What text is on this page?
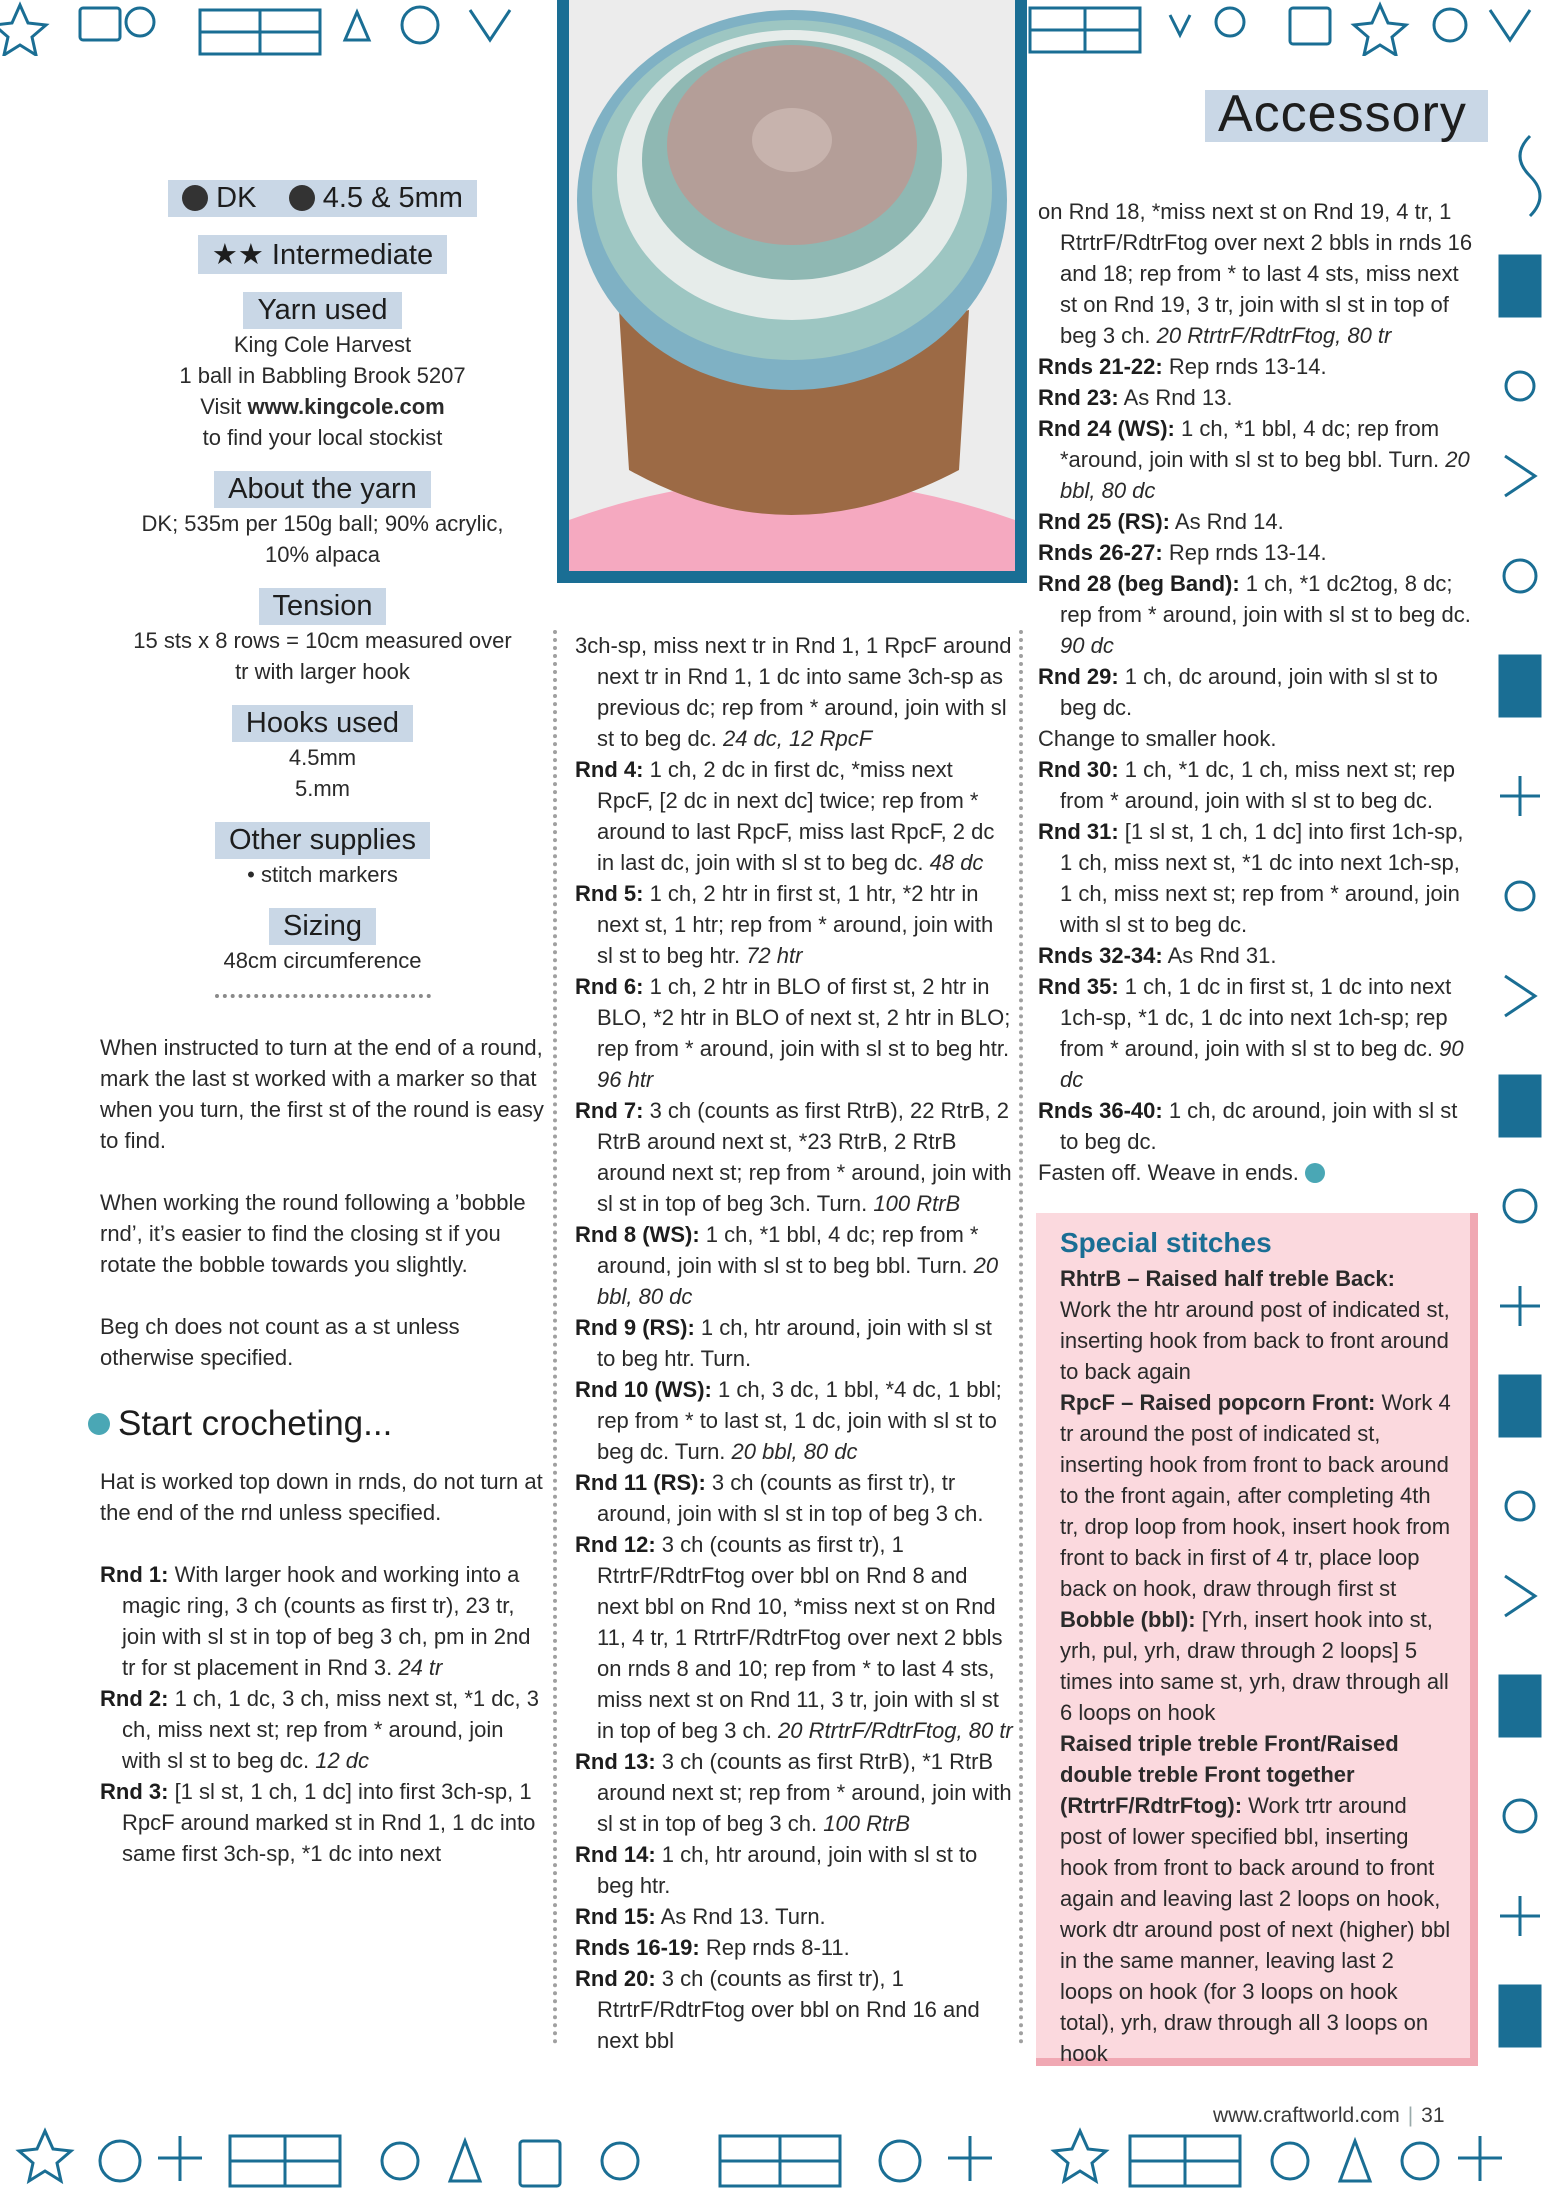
Accessory
DK 4.5 & 5mm
★★ Intermediate
Yarn used
King Cole Harvest
1 ball in Babbling Brook 5207
Visit www.kingcole.com
to find your local stockist
About the yarn
DK; 535m per 150g ball; 90% acrylic,
10% alpaca
Tension
15 sts x 8 rows = 10cm measured over
tr with larger hook
Hooks used
4.5mm
5.mm
Other supplies
• stitch markers
Sizing
48cm circumference
When instructed to turn at the end of a round, mark the last st worked with a marker so that when you turn, the first st of the round is easy to find.
When working the round following a ’bobble rnd’, it’s easier to find the closing st if you rotate the bobble towards you slightly.
Beg ch does not count as a st unless otherwise specified.
Start crocheting...
Hat is worked top down in rnds, do not turn at the end of the rnd unless specified.

Rnd 1: With larger hook and working into a magic ring, 3 ch (counts as first tr), 23 tr, join with sl st in top of beg 3 ch, pm in 2nd tr for st placement in Rnd 3. 24 tr

Rnd 2: 1 ch, 1 dc, 3 ch, miss next st, *1 dc, 3 ch, miss next st; rep from * around, join with sl st to beg dc. 12 dc

Rnd 3: [1 sl st, 1 ch, 1 dc] into first 3ch-sp, 1 RpcF around marked st in Rnd 1, 1 dc into same first 3ch-sp, *1 dc into next

3ch-sp, miss next tr in Rnd 1, 1 RpcF around next tr in Rnd 1, 1 dc into same 3ch-sp as previous dc; rep from * around, join with sl st to beg dc. 24 dc, 12 RpcF

Rnd 4: 1 ch, 2 dc in first dc, *miss next RpcF, [2 dc in next dc] twice; rep from * around to last RpcF, miss last RpcF, 2 dc in last dc, join with sl st to beg dc. 48 dc

Rnd 5: 1 ch, 2 htr in first st, 1 htr, *2 htr in next st, 1 htr; rep from * around, join with sl st to beg htr. 72 htr

Rnd 6: 1 ch, 2 htr in BLO of first st, 2 htr in BLO, *2 htr in BLO of next st, 2 htr in BLO; rep from * around, join with sl st to beg htr. 96 htr

Rnd 7: 3 ch (counts as first RtrB), 22 RtrB, 2 RtrB around next st, *23 RtrB, 2 RtrB around next st; rep from * around, join with sl st in top of beg 3ch. Turn. 100 RtrB

Rnd 8 (WS): 1 ch, *1 bbl, 4 dc; rep from * around, join with sl st to beg bbl. Turn. 20 bbl, 80 dc

Rnd 9 (RS): 1 ch, htr around, join with sl st to beg htr. Turn.

Rnd 10 (WS): 1 ch, 3 dc, 1 bbl, *4 dc, 1 bbl; rep from * to last st, 1 dc, join with sl st to beg dc. Turn. 20 bbl, 80 dc

Rnd 11 (RS): 3 ch (counts as first tr), tr around, join with sl st in top of beg 3 ch.

Rnd 12: 3 ch (counts as first tr), 1 RtrtrF/RdtrFtog over bbl on Rnd 8 and next bbl on Rnd 10, *miss next st on Rnd 11, 4 tr, 1 RtrtrF/RdtrFtog over next 2 bbls on rnds 8 and 10; rep from * to last 4 sts, miss next st on Rnd 11, 3 tr, join with sl st in top of beg 3 ch. 20 RtrtrF/RdtrFtog, 80 tr

Rnd 13: 3 ch (counts as first RtrB), *1 RtrB around next st; rep from * around, join with sl st in top of beg 3 ch. 100 RtrB

Rnd 14: 1 ch, htr around, join with sl st to beg htr.

Rnd 15: As Rnd 13. Turn.

Rnds 16-19: Rep rnds 8-11.

Rnd 20: 3 ch (counts as first tr), 1 RtrtrF/RdtrFtog over bbl on Rnd 16 and next bbl

on Rnd 18, *miss next st on Rnd 19, 4 tr, 1 RtrtrF/RdtrFtog over next 2 bbls in rnds 16 and 18; rep from * to last 4 sts, miss next st on Rnd 19, 3 tr, join with sl st in top of beg 3 ch. 20 RtrtrF/RdtrFtog, 80 tr

Rnds 21-22: Rep rnds 13-14.

Rnd 23: As Rnd 13.

Rnd 24 (WS): 1 ch, *1 bbl, 4 dc; rep from *around, join with sl st to beg bbl. Turn. 20 bbl, 80 dc

Rnd 25 (RS): As Rnd 14.

Rnds 26-27: Rep rnds 13-14.

Rnd 28 (beg Band): 1 ch, *1 dc2tog, 8 dc; rep from * around, join with sl st to beg dc. 90 dc

Rnd 29: 1 ch, dc around, join with sl st to beg dc.

Change to smaller hook.

Rnd 30: 1 ch, *1 dc, 1 ch, miss next st; rep from * around, join with sl st to beg dc.

Rnd 31: [1 sl st, 1 ch, 1 dc] into first 1ch-sp, 1 ch, miss next st, *1 dc into next 1ch-sp, 1 ch, miss next st; rep from * around, join with sl st to beg dc.

Rnds 32-34: As Rnd 31.

Rnd 35: 1 ch, 1 dc in first st, 1 dc into next 1ch-sp, *1 dc, 1 dc into next 1ch-sp; rep from * around, join with sl st to beg dc. 90 dc

Rnds 36-40: 1 ch, dc around, join with sl st to beg dc.

Fasten off. Weave in ends.

Special stitches

RhtrB – Raised half treble Back: Work the htr around post of indicated st, inserting hook from back to front around to back again

RpcF – Raised popcorn Front: Work 4 tr around the post of indicated st, inserting hook from front to back around to the front again, after completing 4th tr, drop loop from hook, insert hook from front to back in first of 4 tr, place loop back on hook, draw through first st

Bobble (bbl): [Yrh, insert hook into st, yrh, pul, yrh, draw through 2 loops] 5 times into same st, yrh, draw through all 6 loops on hook

Raised triple treble Front/Raised double treble Front together (RtrtrF/RdtrFtog): Work trtr around post of lower specified bbl, inserting hook from front to back around to front again and leaving last 2 loops on hook, work dtr around post of next (higher) bbl in the same manner, leaving last 2 loops on hook (for 3 loops on hook total), yrh, draw through all 3 loops on hook

www.craftworld.com | 31
